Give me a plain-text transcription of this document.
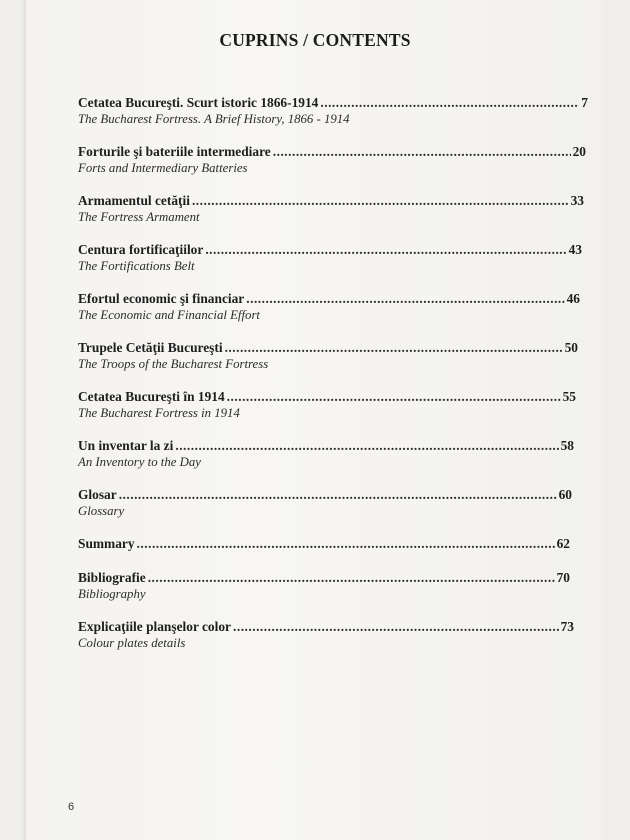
CUPRINS / CONTENTS
Cetatea Bucureşti. Scurt istoric 1866-1914 .....	7
The Bucharest Fortress. A Brief History, 1866 - 1914
Forturile şi bateriile intermediare .....	20
Forts and Intermediary Batteries
Armamentul cetăţii .....	33
The Fortress Armament
Centura fortificaţiilor .....	43
The Fortifications Belt
Efortul economic şi financiar .....	46
The Economic and Financial Effort
Trupele Cetăţii Bucureşti .....	50
The Troops of the Bucharest Fortress
Cetatea Bucureşti în 1914 .....	55
The Bucharest Fortress in 1914
Un inventar la zi .....	58
An Inventory to the Day
Glosar .....	60
Glossary
Summary .....	62
Bibliografie .....	70
Bibliography
Explicaţiile planşelor color .....	73
Colour plates details
6
